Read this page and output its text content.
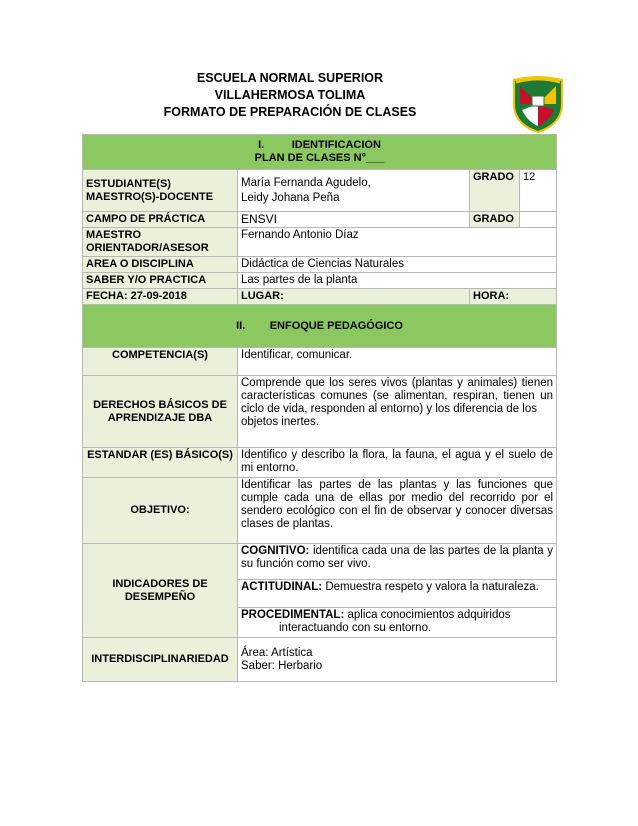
ESCUELA NORMAL SUPERIOR
VILLAHERMOSA TOLIMA
FORMATO DE PREPARACIÓN DE CLASES
I.         IDENTIFICACION
PLAN DE CLASES N°___			

ESTUDIANTE(S) MAESTRO(S)-DOCENTE	María Fernanda Agudelo,
Leidy Johana Peña	GRADO	12
CAMPO DE PRÁCTICA	ENSVI	GRADO	
MAESTRO ORIENTADOR/ASESOR	Fernando Antonio Díaz		
AREA O DISCIPLINA	Didáctica de Ciencias Naturales		
SABER Y/O PRACTICA	Las partes de la planta		
FECHA: 27-09-2018	LUGAR:	HORA:	
II.        ENFOQUE PEDAGÓGICO			
COMPETENCIA(S)	Identificar, comunicar.		
DERECHOS BÁSICOS DE APRENDIZAJE DBA	Comprende que los seres vivos (plantas y animales) tienen características comunes (se alimentan, respiran, tienen un ciclo de vida, responden al entorno) y los diferencia de los
objetos inertes.		

ESTANDAR (ES) BÁSICO(S)	Identifico y describo la flora, la fauna, el agua y el suelo de mi entorno.		
OBJETIVO:	Identificar las partes de las plantas y las funciones que cumple cada una de ellas por medio del recorrido por el sendero ecológico con el fin de observar y conocer diversas clases de plantas.		
INDICADORES DE DESEMPEÑO	COGNITIVO: identifica cada una de las partes de la planta y su función como ser vivo.		
	ACTITUDINAL: Demuestra respeto y valora la naturaleza.		
	PROCEDIMENTAL: aplica conocimientos adquiridos
interactuando con su entorno.		

INTERDISCIPLINARIEDAD	Área: Artística
Saber: Herbario		
